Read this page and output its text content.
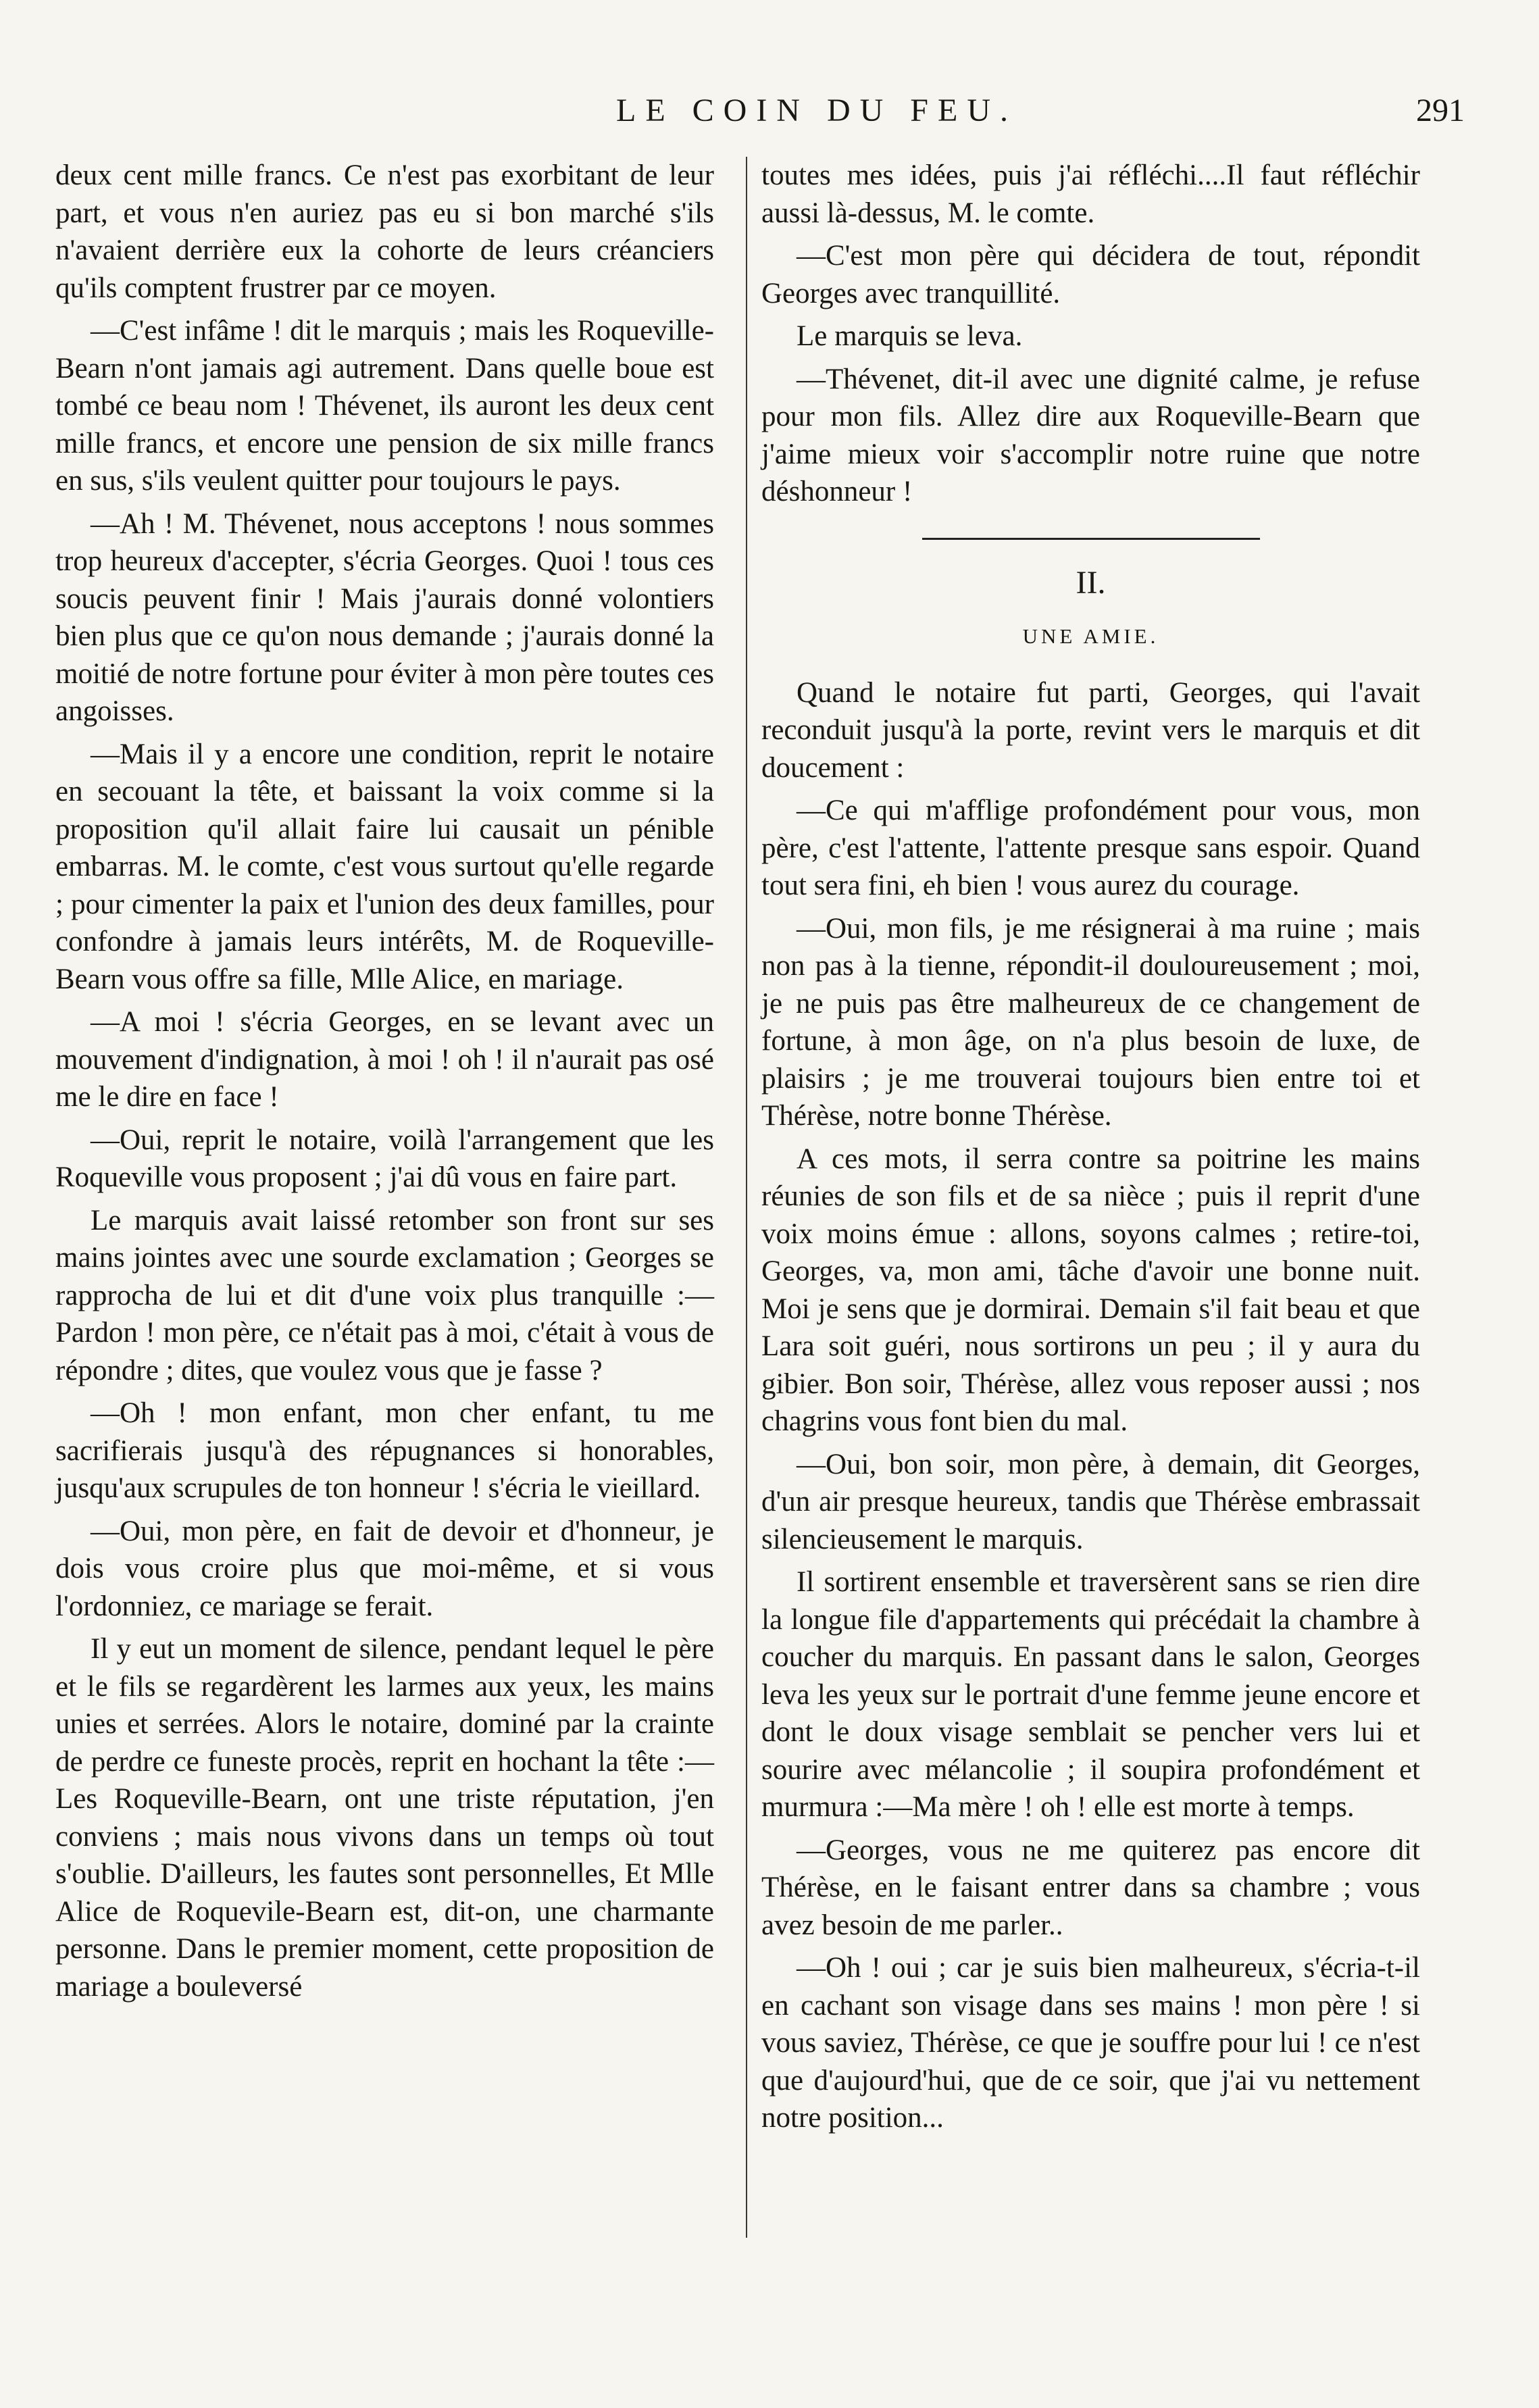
LE COIN DU FEU.	291

deux cent mille francs. Ce n'est pas exorbitant de leur part, et vous n'en auriez pas eu si bon marché s'ils n'avaient derrière eux la cohorte de leurs créanciers qu'ils comptent frustrer par ce moyen.

—C'est infâme ! dit le marquis ; mais les Roqueville-Bearn n'ont jamais agi autrement. Dans quelle boue est tombé ce beau nom ! Thévenet, ils auront les deux cent mille francs, et encore une pension de six mille francs en sus, s'ils veulent quitter pour toujours le pays.

—Ah ! M. Thévenet, nous acceptons ! nous sommes trop heureux d'accepter, s'écria Georges. Quoi ! tous ces soucis peuvent finir ! Mais j'aurais donné volontiers bien plus que ce qu'on nous demande ; j'aurais donné la moitié de notre fortune pour éviter à mon père toutes ces angoisses.

—Mais il y a encore une condition, reprit le notaire en secouant la tête, et baissant la voix comme si la proposition qu'il allait faire lui causait un pénible embarras. M. le comte, c'est vous surtout qu'elle regarde ; pour cimenter la paix et l'union des deux familles, pour confondre à jamais leurs intérêts, M. de Roqueville-Bearn vous offre sa fille, Mlle Alice, en mariage.

—A moi ! s'écria Georges, en se levant avec un mouvement d'indignation, à moi ! oh ! il n'aurait pas osé me le dire en face !

—Oui, reprit le notaire, voilà l'arrangement que les Roqueville vous proposent ; j'ai dû vous en faire part.

Le marquis avait laissé retomber son front sur ses mains jointes avec une sourde exclamation ; Georges se rapprocha de lui et dit d'une voix plus tranquille :—Pardon ! mon père, ce n'était pas à moi, c'était à vous de répondre ; dites, que voulez vous que je fasse ?

—Oh ! mon enfant, mon cher enfant, tu me sacrifierais jusqu'à des répugnances si honorables, jusqu'aux scrupules de ton honneur ! s'écria le vieillard.

—Oui, mon père, en fait de devoir et d'honneur, je dois vous croire plus que moi-même, et si vous l'ordonniez, ce mariage se ferait.

Il y eut un moment de silence, pendant lequel le père et le fils se regardèrent les larmes aux yeux, les mains unies et serrées. Alors le notaire, dominé par la crainte de perdre ce funeste procès, reprit en hochant la tête :—Les Roqueville-Bearn, ont une triste réputation, j'en conviens ; mais nous vivons dans un temps où tout s'oublie. D'ailleurs, les fautes sont personnelles, Et Mlle Alice de Roquevile-Bearn est, dit-on, une charmante personne. Dans le premier moment, cette proposition de mariage a bouleversé

toutes mes idées, puis j'ai réfléchi....Il faut réfléchir aussi là-dessus, M. le comte.

—C'est mon père qui décidera de tout, répondit Georges avec tranquillité.

Le marquis se leva.

—Thévenet, dit-il avec une dignité calme, je refuse pour mon fils. Allez dire aux Roqueville-Bearn que j'aime mieux voir s'accomplir notre ruine que notre déshonneur !

II.
UNE AMIE.

Quand le notaire fut parti, Georges, qui l'avait reconduit jusqu'à la porte, revint vers le marquis et dit doucement :

—Ce qui m'afflige profondément pour vous, mon père, c'est l'attente, l'attente presque sans espoir. Quand tout sera fini, eh bien ! vous aurez du courage.

—Oui, mon fils, je me résignerai à ma ruine ; mais non pas à la tienne, répondit-il douloureusement ; moi, je ne puis pas être malheureux de ce changement de fortune, à mon âge, on n'a plus besoin de luxe, de plaisirs ; je me trouverai toujours bien entre toi et Thérèse, notre bonne Thérèse.

A ces mots, il serra contre sa poitrine les mains réunies de son fils et de sa nièce ; puis il reprit d'une voix moins émue : allons, soyons calmes ; retire-toi, Georges, va, mon ami, tâche d'avoir une bonne nuit. Moi je sens que je dormirai. Demain s'il fait beau et que Lara soit guéri, nous sortirons un peu ; il y aura du gibier. Bon soir, Thérèse, allez vous reposer aussi ; nos chagrins vous font bien du mal.

—Oui, bon soir, mon père, à demain, dit Georges, d'un air presque heureux, tandis que Thérèse embrassait silencieusement le marquis.

Il sortirent ensemble et traversèrent sans se rien dire la longue file d'appartements qui précédait la chambre à coucher du marquis. En passant dans le salon, Georges leva les yeux sur le portrait d'une femme jeune encore et dont le doux visage semblait se pencher vers lui et sourire avec mélancolie ; il soupira profondément et murmura :—Ma mère ! oh ! elle est morte à temps.

—Georges, vous ne me quiterez pas encore dit Thérèse, en le faisant entrer dans sa chambre ; vous avez besoin de me parler..

—Oh ! oui ; car je suis bien malheureux, s'écria-t-il en cachant son visage dans ses mains ! mon père ! si vous saviez, Thérèse, ce que je souffre pour lui ! ce n'est que d'aujourd'hui, que de ce soir, que j'ai vu nettement notre position...
